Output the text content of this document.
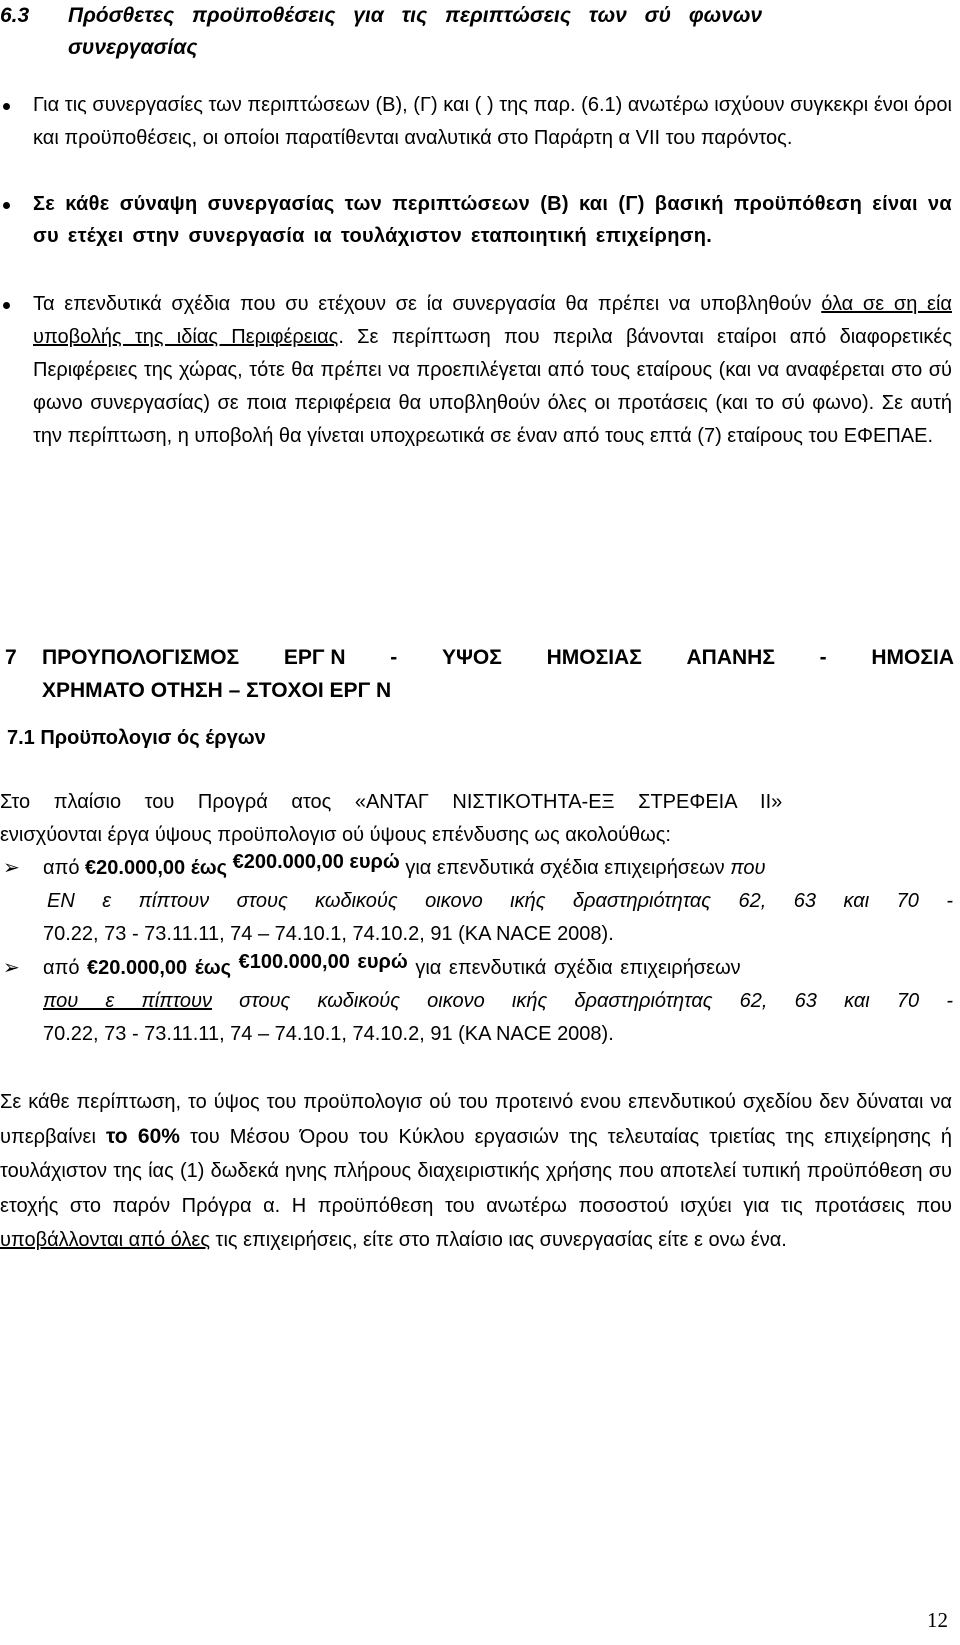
6.3 Πρόσθετες προϋποθέσεις για τις περιπτώσεις των σύ φωνων
συνεργασίας
Για τις συνεργασίες των περιπτώσεων (Β), (Γ) και ( ) της παρ. (6.1) ανωτέρω ισχύουν συγκεκρι ένοι όροι και προϋποθέσεις, οι οποίοι παρατίθενται αναλυτικά στο Παράρτη α VII του παρόντος.
Σε κάθε σύναψη συνεργασίας των περιπτώσεων (Β) και (Γ) βασική προϋπόθεση είναι να συ ετέχει στην συνεργασία ια τουλάχιστον εταποιητική επιχείρηση.
Τα επενδυτικά σχέδια που συ ετέχουν σε ία συνεργασία θα πρέπει να υποβληθούν όλα σε ση εία υποβολής της ιδίας Περιφέρειας. Σε περίπτωση που περιλα βάνονται εταίροι από διαφορετικές Περιφέρειες της χώρας, τότε θα πρέπει να προεπιλέγεται από τους εταίρους (και να αναφέρεται στο σύ φωνο συνεργασίας) σε ποια περιφέρεια θα υποβληθούν όλες οι προτάσεις (και το σύ φωνο). Σε αυτή την περίπτωση, η υποβολή θα γίνεται υποχρεωτικά σε έναν από τους επτά (7) εταίρους του ΕΦΕΠΑΕ.
7 ΠΡΟΥΠΟΛΟΓΙΣΜΟΣ ΕΡΓ Ν - ΥΨΟΣ ΗΜΟΣΙΑΣ ΑΠΑΝΗΣ - ΗΜΟΣΙΑ
ΧΡΗΜΑΤΟ ΟΤΗΣΗ – ΣΤΟΧΟΙ ΕΡΓ Ν
7.1 Προϋπολογισ ός έργων
Στο πλαίσιο του Προγρά ατος «ΑΝΤΑΓ ΝΙΣΤΙΚΟΤΗΤΑ-ΕΞ ΣΤΡΕΦΕΙΑ ΙΙ»
ενισχύονται έργα ύψους προϋπολογισ ού ύψους επένδυσης ως ακολούθως:
➢ από €20.000,00 έως €200.000,00 ευρώ για επενδυτικά σχέδια επιχειρήσεων που
ΕΝ ε πίπτουν στους κωδικούς οικονο ικής δραστηριότητας 62, 63 και 70 -
70.22, 73 - 73.11.11, 74 – 74.10.1, 74.10.2, 91 (ΚΑ NACE 2008).
➢ από €20.000,00 έως €100.000,00 ευρώ για επενδυτικά σχέδια επιχειρήσεων
που ε πίπτουν στους κωδικούς οικονο ικής δραστηριότητας 62, 63 και 70 -
70.22, 73 - 73.11.11, 74 – 74.10.1, 74.10.2, 91 (ΚΑ NACE 2008).
Σε κάθε περίπτωση, το ύψος του προϋπολογισ ού του προτεινό ενου επενδυτικού σχεδίου δεν δύναται να υπερβαίνει το 60% του Μέσου Όρου του Κύκλου εργασιών της τελευταίας τριετίας της επιχείρησης ή τουλάχιστον της ίας (1) δωδεκά ηνης πλήρους διαχειριστικής χρήσης που αποτελεί τυπική προϋπόθεση συ ετοχής στο παρόν Πρόγρα α. Η προϋπόθεση του ανωτέρω ποσοστού ισχύει για τις προτάσεις που υποβάλλονται από όλες τις επιχειρήσεις, είτε στο πλαίσιο ιας συνεργασίας είτε ε ονω ένα.
12
